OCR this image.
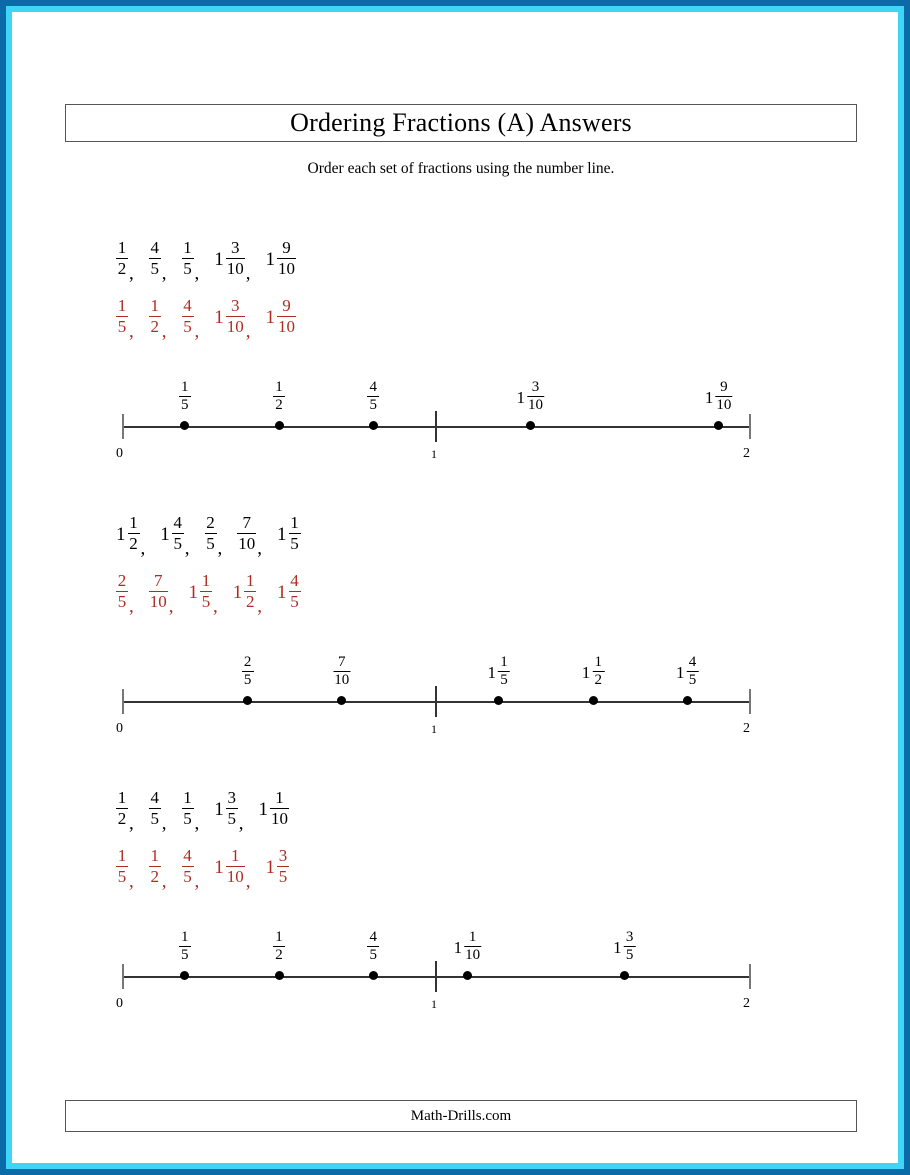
Ordering Fractions (A) Answers
Order each set of fractions using the number line.
$\frac{1}{2}$ , $\frac{4}{5}$ , $\frac{1}{5}$ ,
$1 \frac{3}{10}$ ,
$1 \frac{9}{10}$
$\frac{1}{5}$ , $\frac{1}{2}$ , $\frac{4}{5}$ ,
$1 \frac{3}{10}$ ,
$1 \frac{9}{10}$
0	1	2
$\frac{1}{5}$	$\frac{1}{2}$	$\frac{4}{5}$	$1 \frac{3}{10}$	$1 \frac{9}{10}$
$1 \frac{1}{2}$ ,
$1 \frac{4}{5}$ , $\frac{2}{5}$ , $\frac{7}{10}$ ,
$1 \frac{1}{5}$
$\frac{2}{5}$ , $\frac{7}{10}$ ,
$1 \frac{1}{5}$ ,
$1 \frac{1}{2}$ ,
$1 \frac{4}{5}$
0	1	2
$\frac{2}{5}$	$\frac{7}{10}$	$1 \frac{1}{5}$	$1 \frac{1}{2}$	$1 \frac{4}{5}$
$\frac{1}{2}$ , $\frac{4}{5}$ , $\frac{1}{5}$ ,
$1 \frac{3}{5}$ ,
$1 \frac{1}{10}$
$\frac{1}{5}$ , $\frac{1}{2}$ , $\frac{4}{5}$ ,
$1 \frac{1}{10}$ ,
$1 \frac{3}{5}$
0	1	2
$\frac{1}{5}$	$\frac{1}{2}$	$\frac{4}{5}$	$1 \frac{1}{10}$	$1 \frac{3}{5}$
Math-Drills.com
